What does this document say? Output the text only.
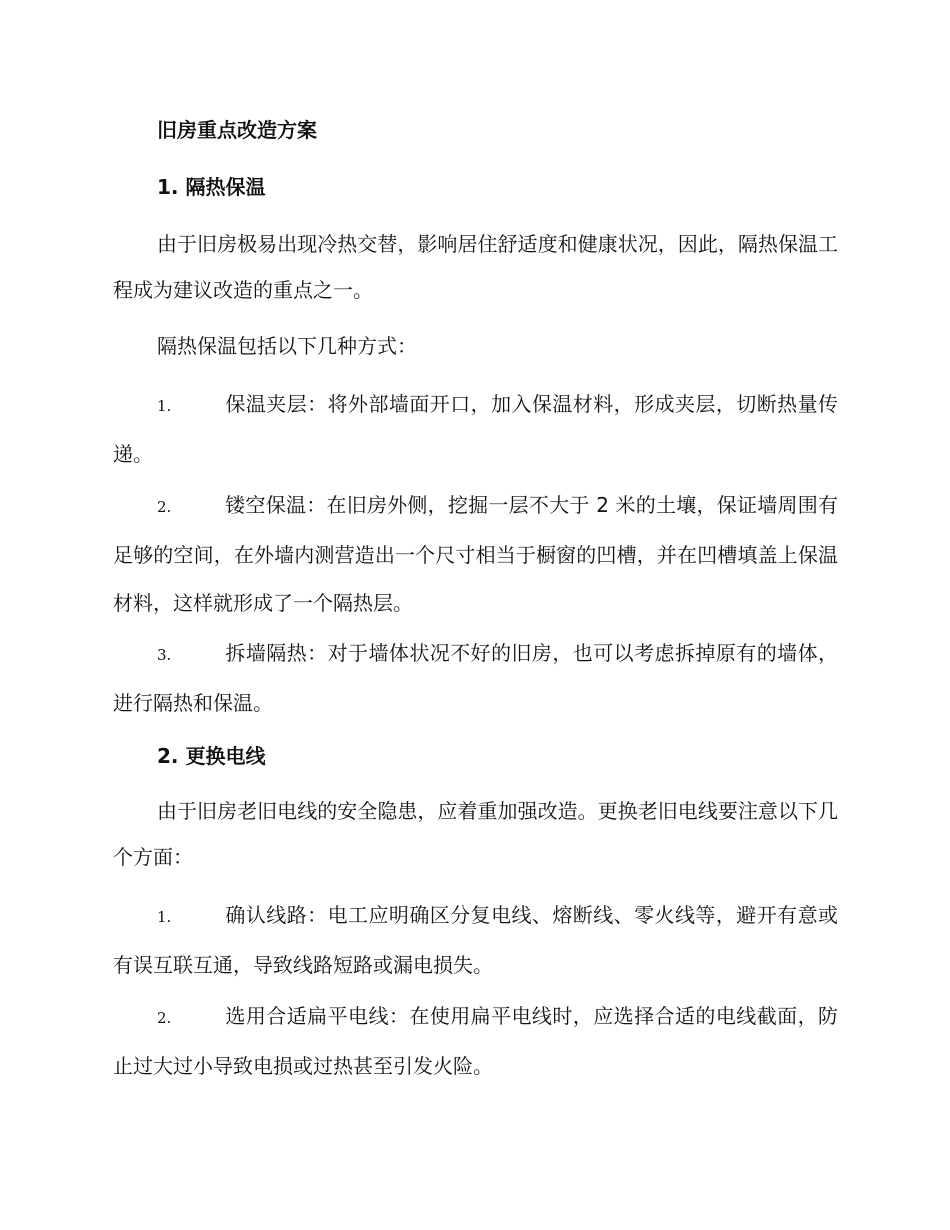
旧房重点改造方案
1. 隔热保温

由于旧房极易出现冷热交替，影响居住舒适度和健康状况，因此，隔热保温工程成为建议改造的重点之一。

隔热保温包括以下几种方式：

1.	保温夹层：将外部墙面开口，加入保温材料，形成夹层，切断热量传递。
2.	镂空保温：在旧房外侧，挖掘一层不大于 2 米的土壤，保证墙周围有足够的空间，在外墙内测营造出一个尺寸相当于橱窗的凹槽，并在凹槽填盖上保温材料，这样就形成了一个隔热层。
3.	拆墙隔热：对于墙体状况不好的旧房，也可以考虑拆掉原有的墙体，进行隔热和保温。
2. 更换电线

由于旧房老旧电线的安全隐患，应着重加强改造。更换老旧电线要注意以下几个方面：

1.	确认线路：电工应明确区分复电线、熔断线、零火线等，避开有意或有误互联互通，导致线路短路或漏电损失。
2.	选用合适扁平电线：在使用扁平电线时，应选择合适的电线截面，防止过大过小导致电损或过热甚至引发火险。
